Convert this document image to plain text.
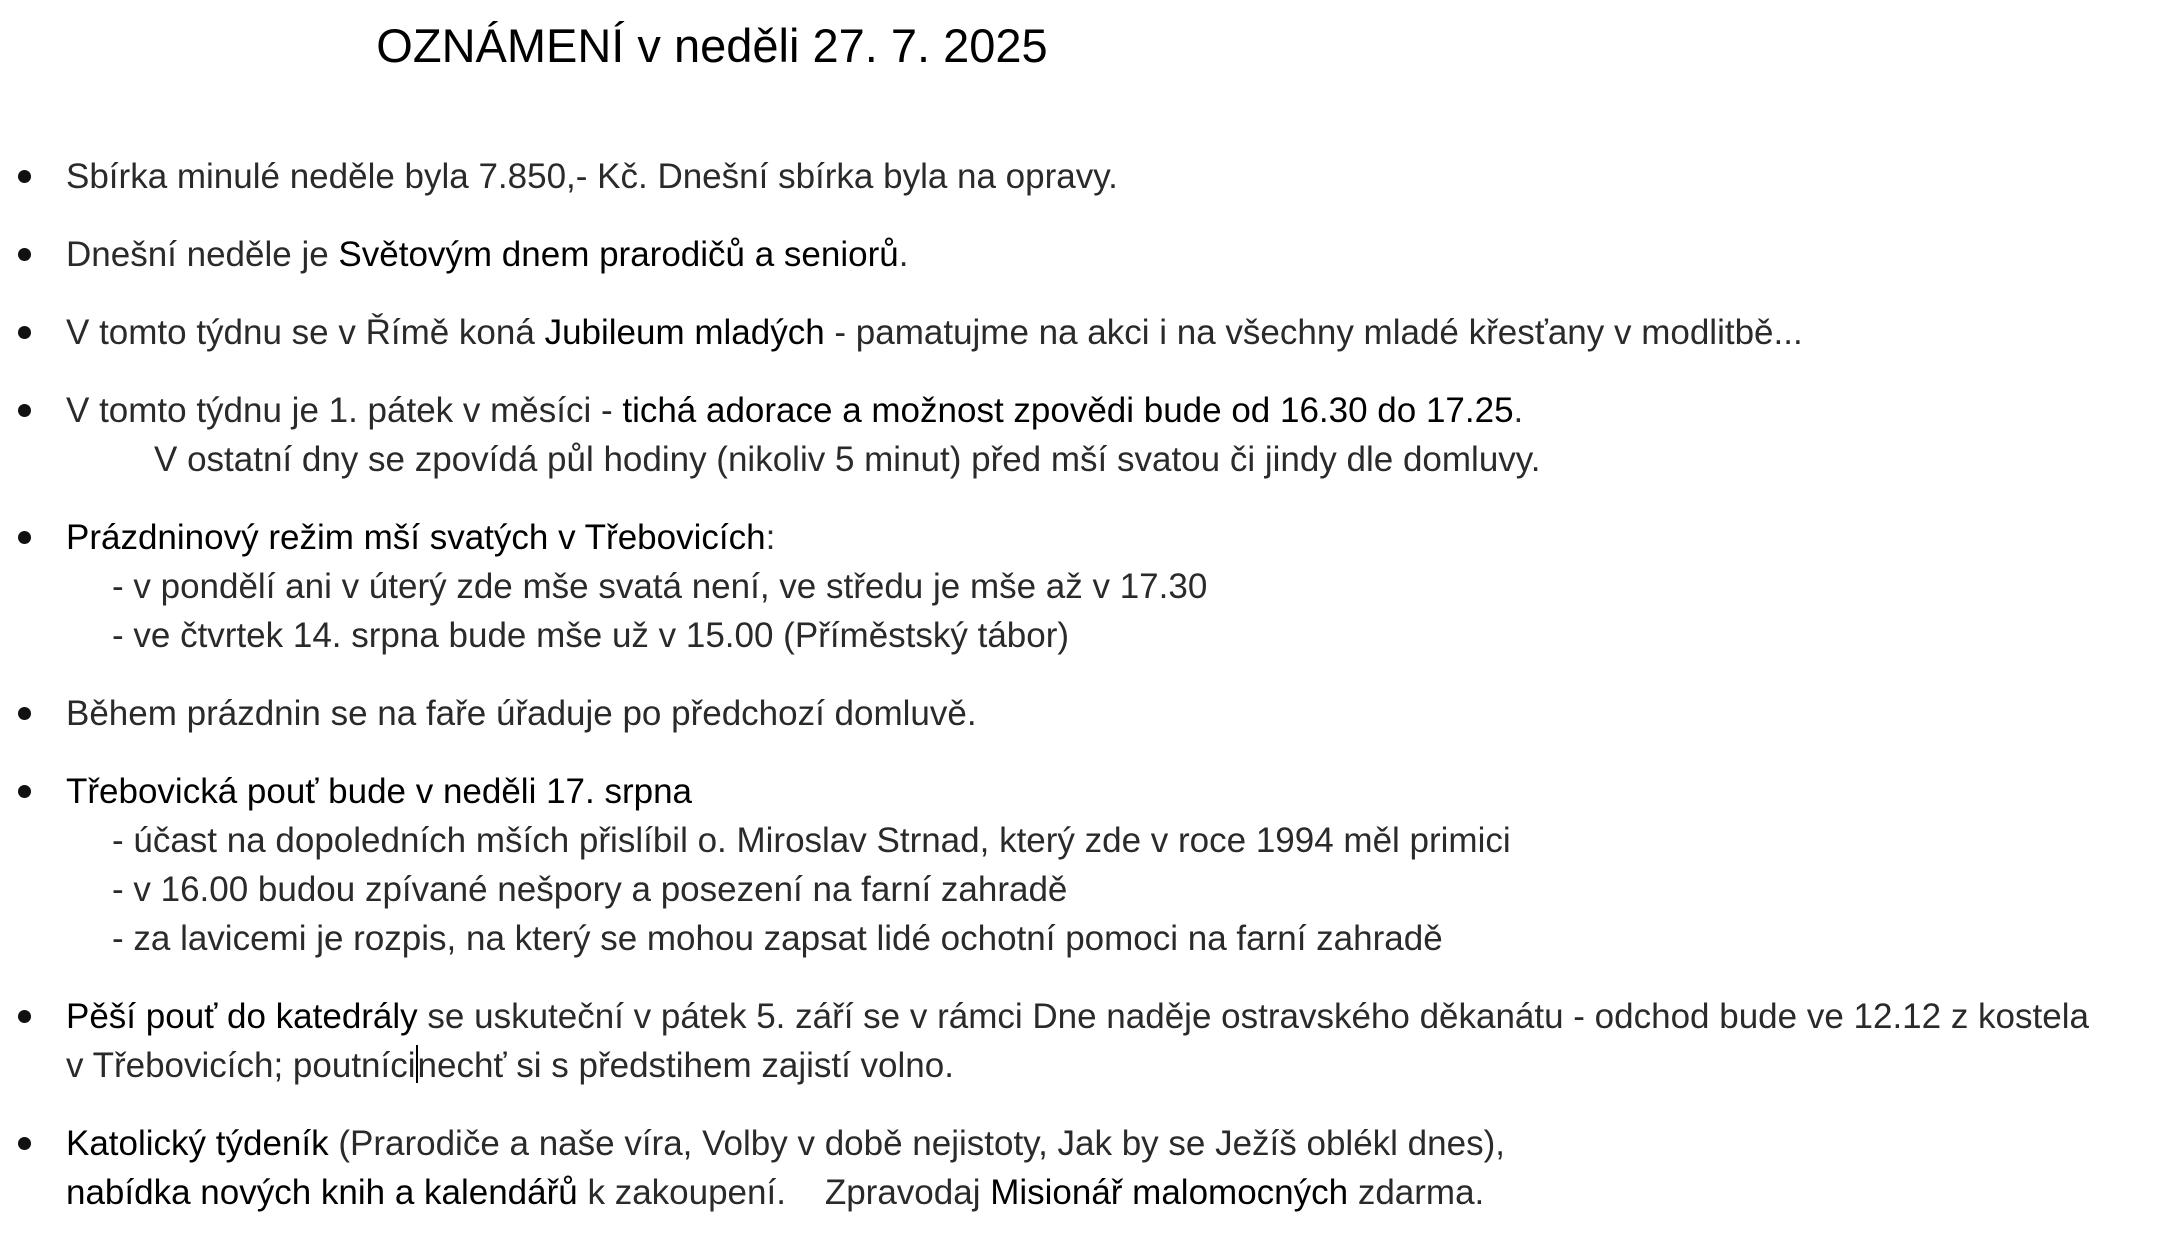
OZNÁMENÍ v neděli 27. 7. 2025
Sbírka minulé neděle byla 7.850,- Kč. Dnešní sbírka byla na opravy.
Dnešní neděle je Světovým dnem prarodičů a seniorů.
V tomto týdnu se v Římě koná Jubileum mladých - pamatujme na akci i na všechny mladé křesťany v modlitbě...
V tomto týdnu je 1. pátek v měsíci - tichá adorace a možnost zpovědi bude od 16.30 do 17.25.
V ostatní dny se zpovídá půl hodiny (nikoliv 5 minut) před mší svatou či jindy dle domluvy.
Prázdninový režim mší svatých v Třebovicích:
- v pondělí ani v úterý zde mše svatá není, ve středu je mše až v 17.30
- ve čtvrtek 14. srpna bude mše už v 15.00 (Příměstský tábor)
Během prázdnin se na faře úřaduje po předchozí domluvě.
Třebovická pouť bude v neděli 17. srpna
- účast na dopoledních mších přislíbil o. Miroslav Strnad, který zde v roce 1994 měl primici
- v 16.00 budou zpívané nešpory a posezení na farní zahradě
- za lavicemi je rozpis, na který se mohou zapsat lidé ochotní pomoci na farní zahradě
Pěší pouť do katedrály se uskuteční v pátek 5. září se v rámci Dne naděje ostravského děkanátu - odchod bude ve 12.12 z kostela
v Třebovicích; poutnícinechť si s předstihem zajistí volno.
Katolický týdeník (Prarodiče a naše víra, Volby v době nejistoty, Jak by se Ježíš oblékl dnes),
nabídka nových knih a kalendářů k zakoupení.    Zpravodaj Misionář malomocných zdarma.
